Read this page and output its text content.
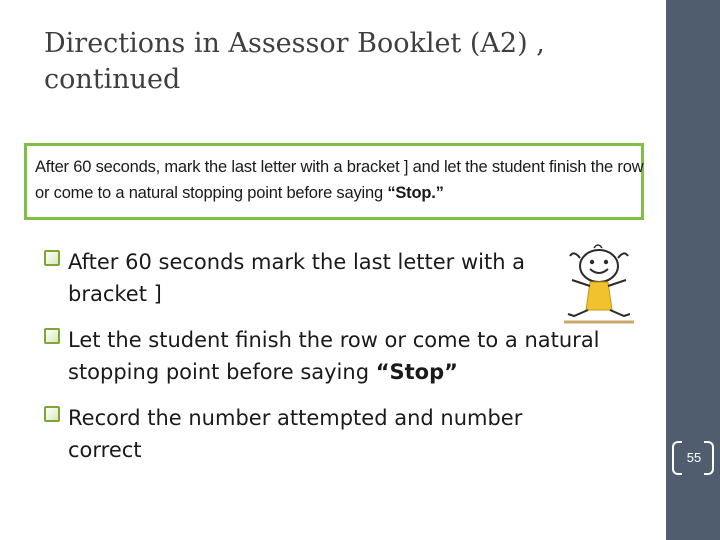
Directions in Assessor Booklet (A2) ,
continued
After 60 seconds, mark the last letter with a bracket ] and let the student finish the row
or come to a natural stopping point before saying “Stop.”
After 60 seconds mark the last letter with a
bracket ]
Let the student finish the row or come to a natural
stopping point before saying “Stop”
Record the number attempted and number
correct	55
